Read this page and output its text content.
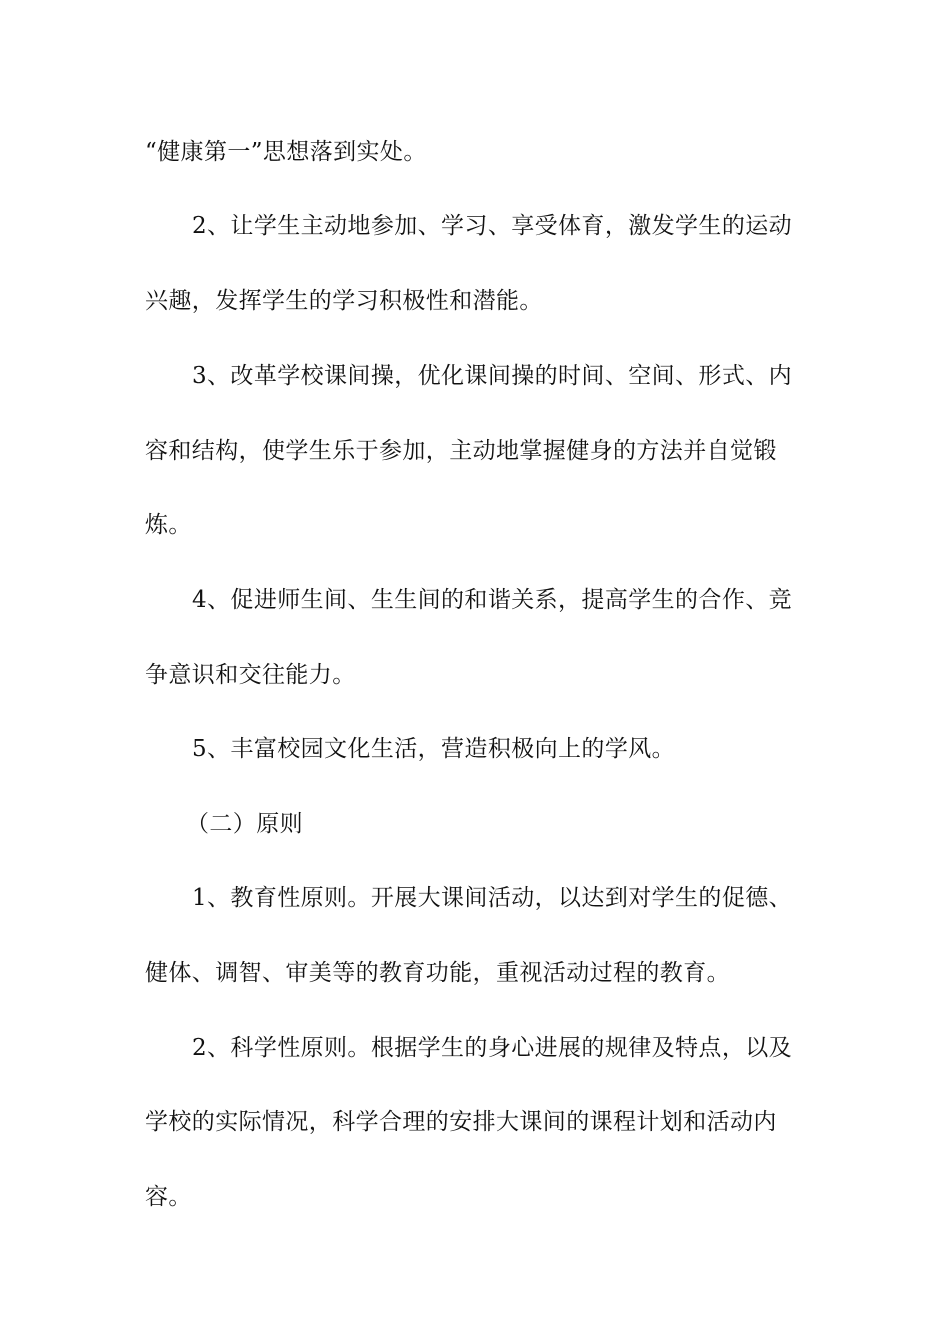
“健康第一”思想落到实处。
2、让学生主动地参加、学习、享受体育，激发学生的运动
兴趣，发挥学生的学习积极性和潜能。
3、改革学校课间操，优化课间操的时间、空间、形式、内
容和结构，使学生乐于参加，主动地掌握健身的方法并自觉锻
炼。
4、促进师生间、生生间的和谐关系，提高学生的合作、竞
争意识和交往能力。
5、丰富校园文化生活，营造积极向上的学风。
（二）原则
1、教育性原则。开展大课间活动，以达到对学生的促德、
健体、调智、审美等的教育功能，重视活动过程的教育。
2、科学性原则。根据学生的身心进展的规律及特点，以及
学校的实际情况，科学合理的安排大课间的课程计划和活动内
容。
